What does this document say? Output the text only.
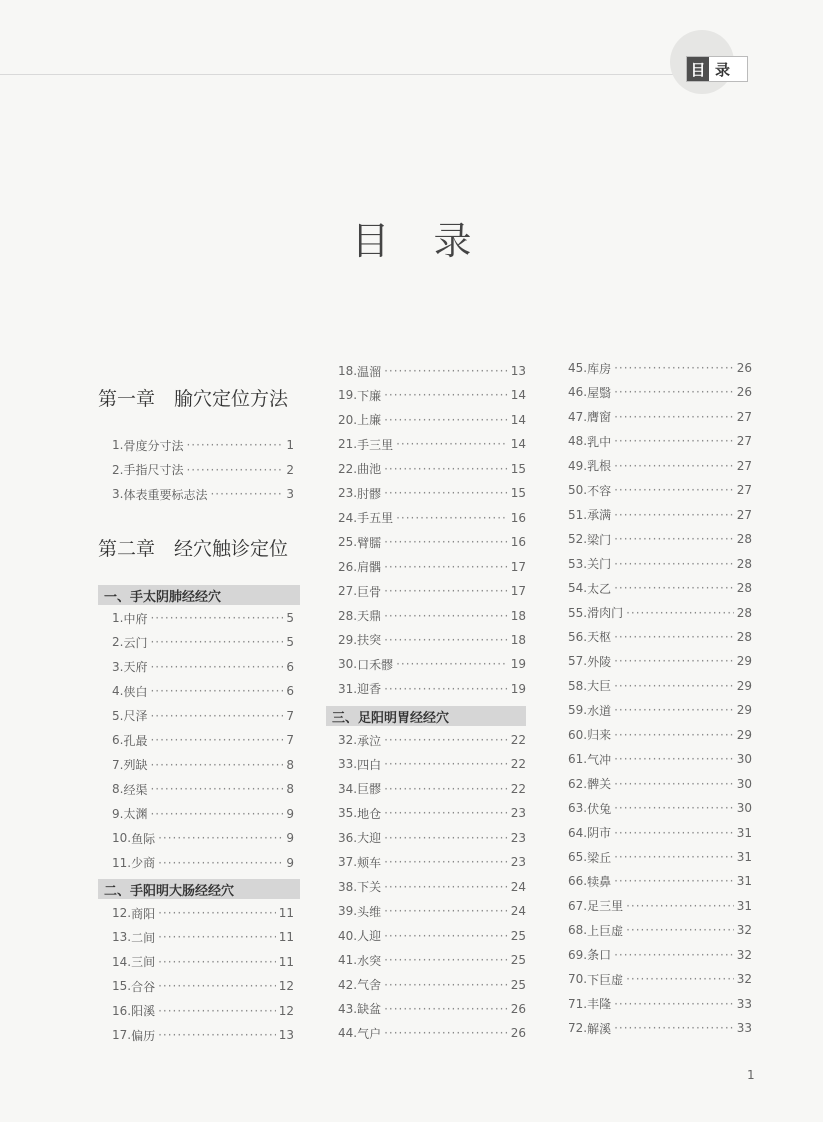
目 录
目录
第一章　腧穴定位方法
1. 骨度分寸法 ·····	1
2. 手指尺寸法 ·····	2
3. 体表重要标志法 ·····	3
第二章　经穴触诊定位
一、手太阴肺经经穴
1. 中府 ·····	5
2. 云门 ·····	5
3. 天府 ·····	6
4. 侠白 ·····	6
5. 尺泽 ·····	7
6. 孔最 ·····	7
7. 列缺 ·····	8
8. 经渠 ·····	8
9. 太渊 ·····	9
10. 鱼际 ·····	9
11. 少商 ·····	9
二、手阳明大肠经经穴
12. 商阳 ·····	11
13. 二间 ·····	11
14. 三间 ·····	11
15. 合谷 ·····	12
16. 阳溪 ·····	12
17. 偏历 ·····	13
18. 温溜 ·····	13
19. 下廉 ·····	14
20. 上廉 ·····	14
21. 手三里 ·····	14
22. 曲池 ·····	15
23. 肘髎 ·····	15
24. 手五里 ·····	16
25. 臂臑 ·····	16
26. 肩髃 ·····	17
27. 巨骨 ·····	17
28. 天鼎 ·····	18
29. 扶突 ·····	18
30. 口禾髎 ·····	19
31. 迎香 ·····	19
三、足阳明胃经经穴
32. 承泣 ·····	22
33. 四白 ·····	22
34. 巨髎 ·····	22
35. 地仓 ·····	23
36. 大迎 ·····	23
37. 颊车 ·····	23
38. 下关 ·····	24
39. 头维 ·····	24
40. 人迎 ·····	25
41. 水突 ·····	25
42. 气舍 ·····	25
43. 缺盆 ·····	26
44. 气户 ·····	26
45. 库房 ·····	26
46. 屋翳 ·····	26
47. 膺窗 ·····	27
48. 乳中 ·····	27
49. 乳根 ·····	27
50. 不容 ·····	27
51. 承满 ·····	27
52. 梁门 ·····	28
53. 关门 ·····	28
54. 太乙 ·····	28
55. 滑肉门 ·····	28
56. 天枢 ·····	28
57. 外陵 ·····	29
58. 大巨 ·····	29
59. 水道 ·····	29
60. 归来 ·····	29
61. 气冲 ·····	30
62. 髀关 ·····	30
63. 伏兔 ·····	30
64. 阴市 ·····	31
65. 梁丘 ·····	31
66. 犊鼻 ·····	31
67. 足三里 ·····	31
68. 上巨虚 ·····	32
69. 条口 ·····	32
70. 下巨虚 ·····	32
71. 丰隆 ·····	33
72. 解溪 ·····	33
1
